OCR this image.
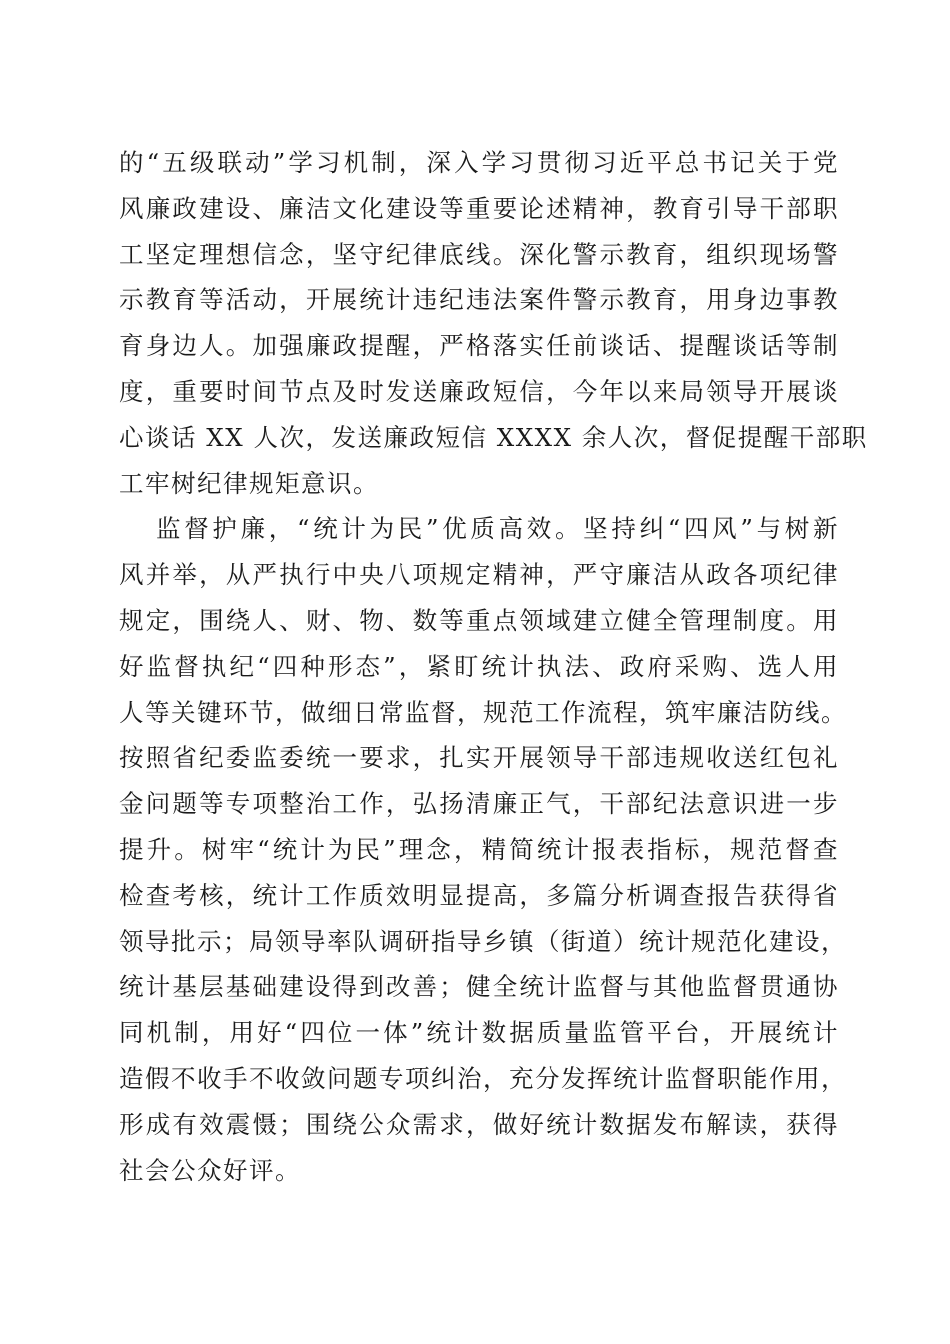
的“五级联动”学习机制，深入学习贯彻习近平总书记关于党
风廉政建设、廉洁文化建设等重要论述精神，教育引导干部职
工坚定理想信念，坚守纪律底线。深化警示教育，组织现场警
示教育等活动，开展统计违纪违法案件警示教育，用身边事教
育身边人。加强廉政提醒，严格落实任前谈话、提醒谈话等制
度，重要时间节点及时发送廉政短信，今年以来局领导开展谈
心谈话 XX 人次，发送廉政短信 XXXX 余人次，督促提醒干部职
工牢树纪律规矩意识。
监督护廉，“统计为民”优质高效。坚持纠“四风”与树新
风并举，从严执行中央八项规定精神，严守廉洁从政各项纪律
规定，围绕人、财、物、数等重点领域建立健全管理制度。用
好监督执纪“四种形态”，紧盯统计执法、政府采购、选人用
人等关键环节，做细日常监督，规范工作流程，筑牢廉洁防线。
按照省纪委监委统一要求，扎实开展领导干部违规收送红包礼
金问题等专项整治工作，弘扬清廉正气，干部纪法意识进一步
提升。树牢“统计为民”理念，精简统计报表指标，规范督查
检查考核，统计工作质效明显提高，多篇分析调查报告获得省
领导批示；局领导率队调研指导乡镇（街道）统计规范化建设，
统计基层基础建设得到改善；健全统计监督与其他监督贯通协
同机制，用好“四位一体”统计数据质量监管平台，开展统计
造假不收手不收敛问题专项纠治，充分发挥统计监督职能作用，
形成有效震慑；围绕公众需求，做好统计数据发布解读，获得
社会公众好评。
